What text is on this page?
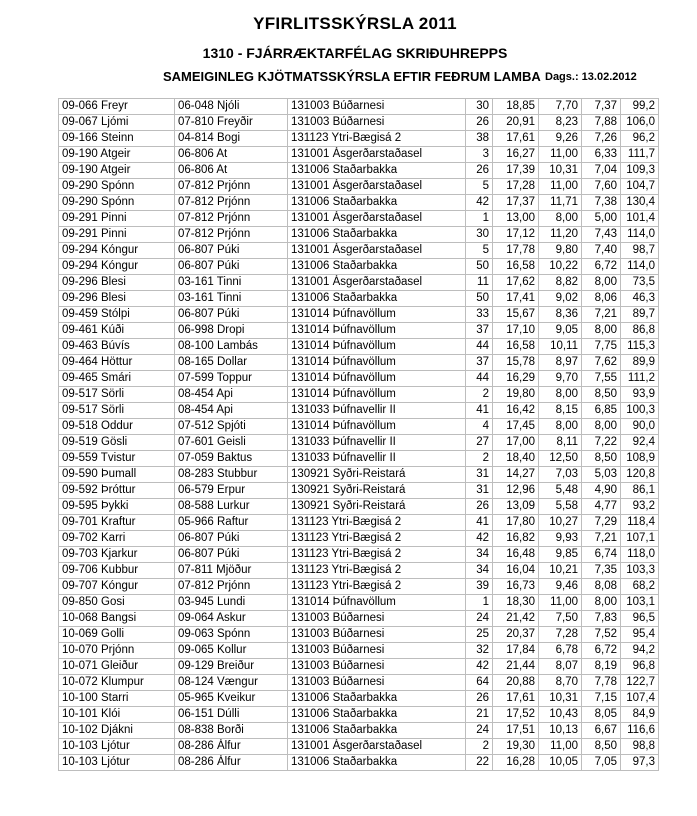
YFIRLITSSKÝRSLA 2011
1310 - FJÁRRÆKTARFÉLAG SKRIÐUHREPPS
SAMEIGINLEG KJÖTMATSSKÝRSLA EFTIR FEÐRUM LAMBA Dags.: 13.02.2012
09-066 Freyr	06-048 Njóli	131003 Búðarnesi	30	18,85	7,70	7,37	99,2
09-067 Ljómi	07-810 Freyðir	131003 Búðarnesi	26	20,91	8,23	7,88	106,0
09-166 Steinn	04-814 Bogi	131123 Ytri-Bægisá 2	38	17,61	9,26	7,26	96,2
09-190 Atgeir	06-806 At	131001 Ásgerðarstaðasel	3	16,27	11,00	6,33	111,7
09-190 Atgeir	06-806 At	131006 Staðarbakka	26	17,39	10,31	7,04	109,3
09-290 Spónn	07-812 Prjónn	131001 Ásgerðarstaðasel	5	17,28	11,00	7,60	104,7
09-290 Spónn	07-812 Prjónn	131006 Staðarbakka	42	17,37	11,71	7,38	130,4
09-291 Pinni	07-812 Prjónn	131001 Ásgerðarstaðasel	1	13,00	8,00	5,00	101,4
09-291 Pinni	07-812 Prjónn	131006 Staðarbakka	30	17,12	11,20	7,43	114,0
09-294 Kóngur	06-807 Púki	131001 Ásgerðarstaðasel	5	17,78	9,80	7,40	98,7
09-294 Kóngur	06-807 Púki	131006 Staðarbakka	50	16,58	10,22	6,72	114,0
09-296 Blesi	03-161 Tinni	131001 Ásgerðarstaðasel	11	17,62	8,82	8,00	73,5
09-296 Blesi	03-161 Tinni	131006 Staðarbakka	50	17,41	9,02	8,06	46,3
09-459 Stólpi	06-807 Púki	131014 Þúfnavöllum	33	15,67	8,36	7,21	89,7
09-461 Kúði	06-998 Dropi	131014 Þúfnavöllum	37	17,10	9,05	8,00	86,8
09-463 Búvís	08-100 Lambás	131014 Þúfnavöllum	44	16,58	10,11	7,75	115,3
09-464 Höttur	08-165 Dollar	131014 Þúfnavöllum	37	15,78	8,97	7,62	89,9
09-465 Smári	07-599 Toppur	131014 Þúfnavöllum	44	16,29	9,70	7,55	111,2
09-517 Sörli	08-454 Api	131014 Þúfnavöllum	2	19,80	8,00	8,50	93,9
09-517 Sörli	08-454 Api	131033 Þúfnavellir II	41	16,42	8,15	6,85	100,3
09-518 Oddur	07-512 Spjóti	131014 Þúfnavöllum	4	17,45	8,00	8,00	90,0
09-519 Gösli	07-601 Geisli	131033 Þúfnavellir II	27	17,00	8,11	7,22	92,4
09-559 Tvistur	07-059 Baktus	131033 Þúfnavellir II	2	18,40	12,50	8,50	108,9
09-590 Þumall	08-283 Stubbur	130921 Syðri-Reistará	31	14,27	7,03	5,03	120,8
09-592 Þróttur	06-579 Erpur	130921 Syðri-Reistará	31	12,96	5,48	4,90	86,1
09-595 Þykki	08-588 Lurkur	130921 Syðri-Reistará	26	13,09	5,58	4,77	93,2
09-701 Kraftur	05-966 Raftur	131123 Ytri-Bægisá 2	41	17,80	10,27	7,29	118,4
09-702 Karri	06-807 Púki	131123 Ytri-Bægisá 2	42	16,82	9,93	7,21	107,1
09-703 Kjarkur	06-807 Púki	131123 Ytri-Bægisá 2	34	16,48	9,85	6,74	118,0
09-706 Kubbur	07-811 Mjöður	131123 Ytri-Bægisá 2	34	16,04	10,21	7,35	103,3
09-707 Kóngur	07-812 Prjónn	131123 Ytri-Bægisá 2	39	16,73	9,46	8,08	68,2
09-850 Gosi	03-945 Lundi	131014 Þúfnavöllum	1	18,30	11,00	8,00	103,1
10-068 Bangsi	09-064 Askur	131003 Búðarnesi	24	21,42	7,50	7,83	96,5
10-069 Golli	09-063 Spónn	131003 Búðarnesi	25	20,37	7,28	7,52	95,4
10-070 Prjónn	09-065 Kollur	131003 Búðarnesi	32	17,84	6,78	6,72	94,2
10-071 Gleiður	09-129 Breiður	131003 Búðarnesi	42	21,44	8,07	8,19	96,8
10-072 Klumpur	08-124 Vængur	131003 Búðarnesi	64	20,88	8,70	7,78	122,7
10-100 Starri	05-965 Kveikur	131006 Staðarbakka	26	17,61	10,31	7,15	107,4
10-101 Klói	06-151 Dúlli	131006 Staðarbakka	21	17,52	10,43	8,05	84,9
10-102 Djákni	08-838 Borði	131006 Staðarbakka	24	17,51	10,13	6,67	116,6
10-103 Ljótur	08-286 Álfur	131001 Ásgerðarstaðasel	2	19,30	11,00	8,50	98,8
10-103 Ljótur	08-286 Álfur	131006 Staðarbakka	22	16,28	10,05	7,05	97,3
